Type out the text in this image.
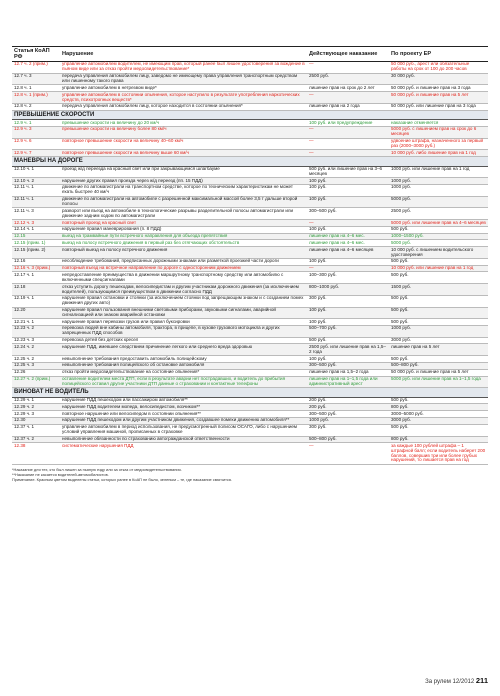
Статья КоАП РФ	Нарушение	Действующее наказание	По проекту ЕР
12.7 ч. 2 (прим.)	управление автомобилем водителем, не имеющим прав, который ранее был лишен удостоверения за вождение в пьяном виде или за отказ пройти медосвидетельствование*	—	50 000 руб., арест или обязательные работы на срок от 100 до 200 часов
12.7 ч. 3	передача управления автомобилем лицу, заведомо не имеющему права управления транспортным средством или лишенному такого права	2500 руб.	30 000 руб.
12.8 ч. 1	управление автомобилем в нетрезвом виде*	лишение прав на срок до 2 лет	50 000 руб. и лишение прав на 3 года
12.8 ч. 1 (прим.)	управление автомобилем в состоянии опьянения, которое наступило в результате употребления наркотических средств, психотропных веществ*	—	50 000 руб. и лишение прав на 5 лет
12.8 ч. 2	передача управления автомобилем лицу, которое находится в состоянии опьянения*	лишение прав на 2 года	50 000 руб. или лишение прав на 3 года
ПРЕВЫШЕНИЕ СКОРОСТИ			
12.9 ч. 1	превышение скорости на величину до 20 км/ч	100 руб. или предупреждение	наказание отменяется
12.9 ч. 3	превышение скорости на величину более 80 км/ч	—	5000 руб. с лишением прав на срок до 6 месяцев
12.9 ч. 6	повторное превышение скорости на величину 40–60 км/ч	—	удвоение штрафа, назначенного за первый раз (2000–3000 руб.)
12.9 ч. 7	повторное превышение скорости на величину выше 60 км/ч	—	10 000 руб. либо лишение прав на 1 год
МАНЕВРЫ НА ДОРОГЕ			
12.10 ч. 1	проезд ж/д переезда на красный свет или при закрывающемся шлагбауме	500 руб. или лишение прав на 3–6 месяцев	1000 руб. или лишение прав на 1 год
12.10 ч. 2	нарушение других правил проезда через ж/д переезд (пп. 15 ПДД)	100 руб.	1000 руб.
12.11 ч. 1	движение по автомагистрали на транспортном средстве, которое по техническим характеристикам не может ехать быстрее 40 км/ч	100 руб.	1000 руб.
12.11 ч. 1	движение по автомагистрали на автомобиле с разрешенной максимальной массой более 3,5 т дальше второй полосы	100 руб.	5000 руб.
12.11 ч. 3	разворот или въезд на автомобиле в технологические разрывы разделительной полосы автомагистрали или движение задним ходом по автомагистрали	300–500 руб.	2500 руб.
12.12 ч. 3	повторный проезд на красный свет	—	5000 руб. или лишение прав на 4–6 месяцев
12.14 ч. 1	нарушение правил маневрирования (п. 8 ПДД)	100 руб.	500 руб.
12.15	выезд на трамвайные пути встречного направления для объезда препятствия	лишение прав на 4–6 мес.	1000–1500 руб.
12.15 (прим. 1)	выезд на полосу встречного движения в первый раз без отягчающих обстоятельств	лишение прав на 4–6 мес.	5000 руб.
12.15 (прим. 2)	повторный выезд на полосу встречного движения	лишение прав на 4–6 месяцев	10 000 руб. с лишением водительского удостоверения
12.16	несоблюдение требований, предписанных дорожными знаками или разметкой проезжей части дороги	100 руб.	500 руб.
12.16 ч. 3 (прим.)	повторный въезд на встречное направление по дороге с односторонним движением	—	10 000 руб. или лишение прав на 1 год
12.17 ч. 1	непредоставление преимущества в движении маршрутному транспортному средству или автомобилю с включенными спецсигналами	100–300 руб.	500 руб.
12.18	отказ уступить дорогу пешеходам, велосипедистам и другим участникам дорожного движения (за исключением водителей), пользующимся преимуществом в движении согласно ПДД	800–1000 руб.	1500 руб.
12.19 ч. 1	нарушение правил остановки и стоянки (за исключением стоянки под запрещающим знаком и с созданием помех движения других авто)	300 руб.	500 руб.
12.20	нарушение правил пользования внешними световыми приборами, звуковыми сигналами, аварийной сигнализацией или знаком аварийной остановки	100 руб.	500 руб.
12.21 ч. 1	нарушение правил перевозки грузов или правил буксировки	100 руб.	500 руб.
12.23 ч. 2	перевозка людей вне кабины автомобиля, трактора, в прицепе, в кузове грузового мотоцикла и других запрещенных ПДД способов	500–700 руб.	1000 руб.
12.23 ч. 3	перевозка детей без детских кресел	500 руб.	3000 руб.
12.24 ч. 2	нарушение ПДД, имевшее следствием причинение легкого или среднего вреда здоровью	2500 руб. или лишение прав на 1,5–2 года	лишение прав на 5 лет
12.25 ч. 2	невыполнение требования предоставить автомобиль полицейскому	100 руб.	500 руб.
12.25 ч. 3	невыполнение требования полицейского об остановке автомобиля	300–500 руб.	500–800 руб.
12.26	отказ пройти медосвидетельствование на состояние опьянения*	лишение прав на 1,5–2 года	50 000 руб. и лишение прав на 5 лет
12.27 ч. 2 (прим.)	оставление водителем места ДТП, если в результате аварии нет пострадавших, и водитель до прибытия полицейского оставил другие участники ДТП данные о страховании и контактные телефоны	лишение прав на 1–1,5 года или административный арест	5000 руб. или лишение прав на 1–1,5 года
ВИНОВАТ НЕ ВОДИТЕЛЬ			
12.29 ч. 1	нарушение ПДД пешеходом или пассажиром автомобиля**	200 руб.	500 руб.
12.29 ч. 2	нарушение ПДД водителем мопеда, велосипедистом, возчиком**	200 руб.	800 руб.
12.29 ч. 3	повторное нарушение или велосипедом в состоянии опьянения**	300–500 руб.	3000–5000 руб.
12.30	нарушение ПДД пешеходом или другим участником движения, создавшее помехи движению автомобиля**	1000 руб.	3000 руб.
12.37 ч. 1	управление автомобилем в период использования, не предусмотренный полисом ОСАГО, либо с нарушением условий управления машиной, прописанных в страховке	300 руб.	500 руб.
12.37 ч. 2	невыполнение обязанности по страхованию автогражданской ответственности	500–800 руб.	800 руб.
12.38	систематические нарушения ПДД	—	за каждые 100 рублей штрафа – 1 штрафной балл; если водитель наберет 200 баллов, совершив три или более грубых нарушений, то лишается прав на год
*Наказание для тех, кто был лишен за пьяную езду или за отказ от медосвидетельствования.
**Наказание не касается водителей-автомобилистов.
Примечание. Красным цветом выделены статьи, которых ранее в КоАП не было, зеленым – те, где наказание смягчится.
За рулем 12/2012 211
